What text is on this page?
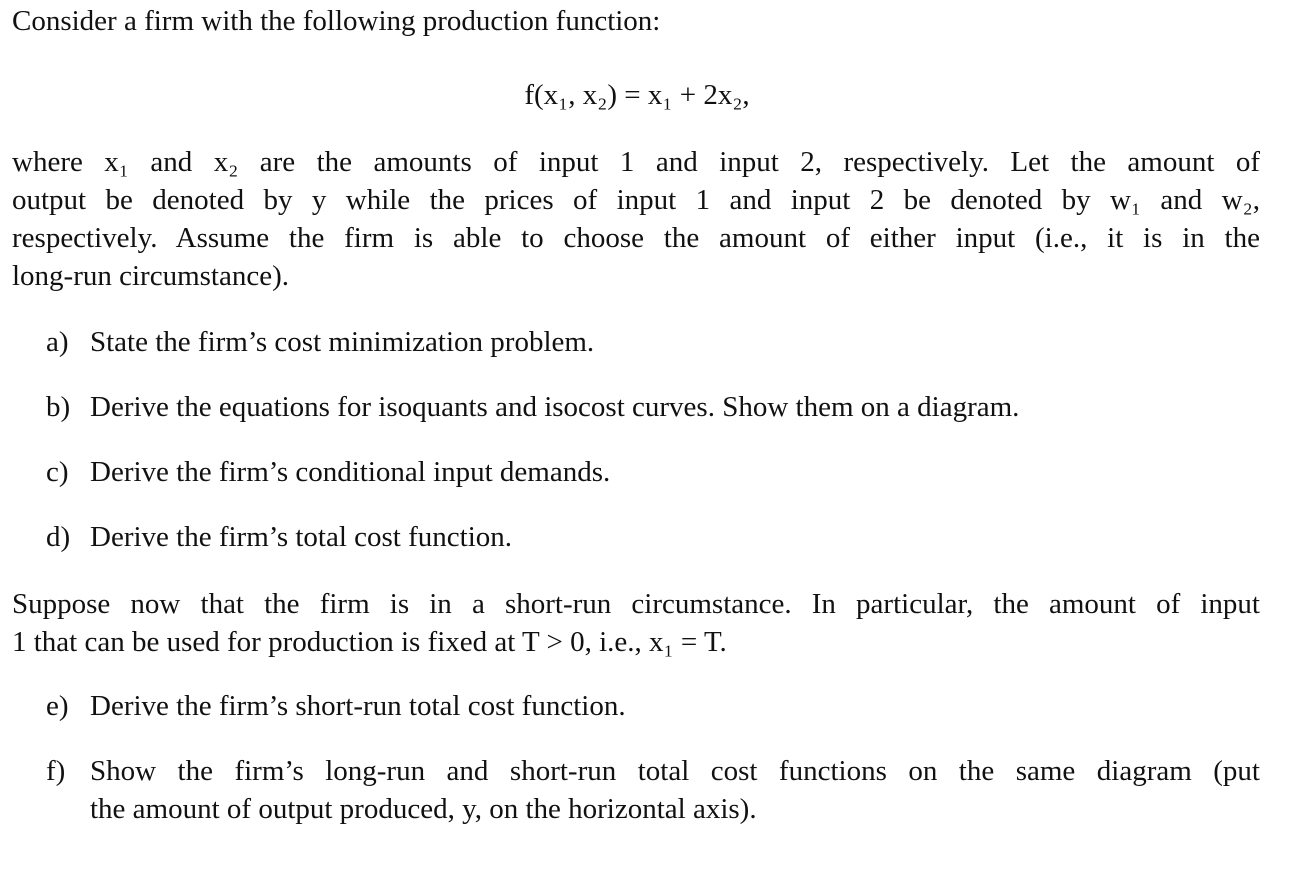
Consider a firm with the following production function:
f(x₁, x₂) = x₁ + 2x₂,
where x₁ and x₂ are the amounts of input 1 and input 2, respectively. Let the amount of
output be denoted by y while the prices of input 1 and input 2 be denoted by w₁ and w₂,
respectively. Assume the firm is able to choose the amount of either input (i.e., it is in the
long-run circumstance).
a) State the firm’s cost minimization problem.
b) Derive the equations for isoquants and isocost curves. Show them on a diagram.
c) Derive the firm’s conditional input demands.
d) Derive the firm’s total cost function.
Suppose now that the firm is in a short-run circumstance. In particular, the amount of input
1 that can be used for production is fixed at T > 0, i.e., x₁ = T.
e) Derive the firm’s short-run total cost function.
f) Show the firm’s long-run and short-run total cost functions on the same diagram (put
the amount of output produced, y, on the horizontal axis).
